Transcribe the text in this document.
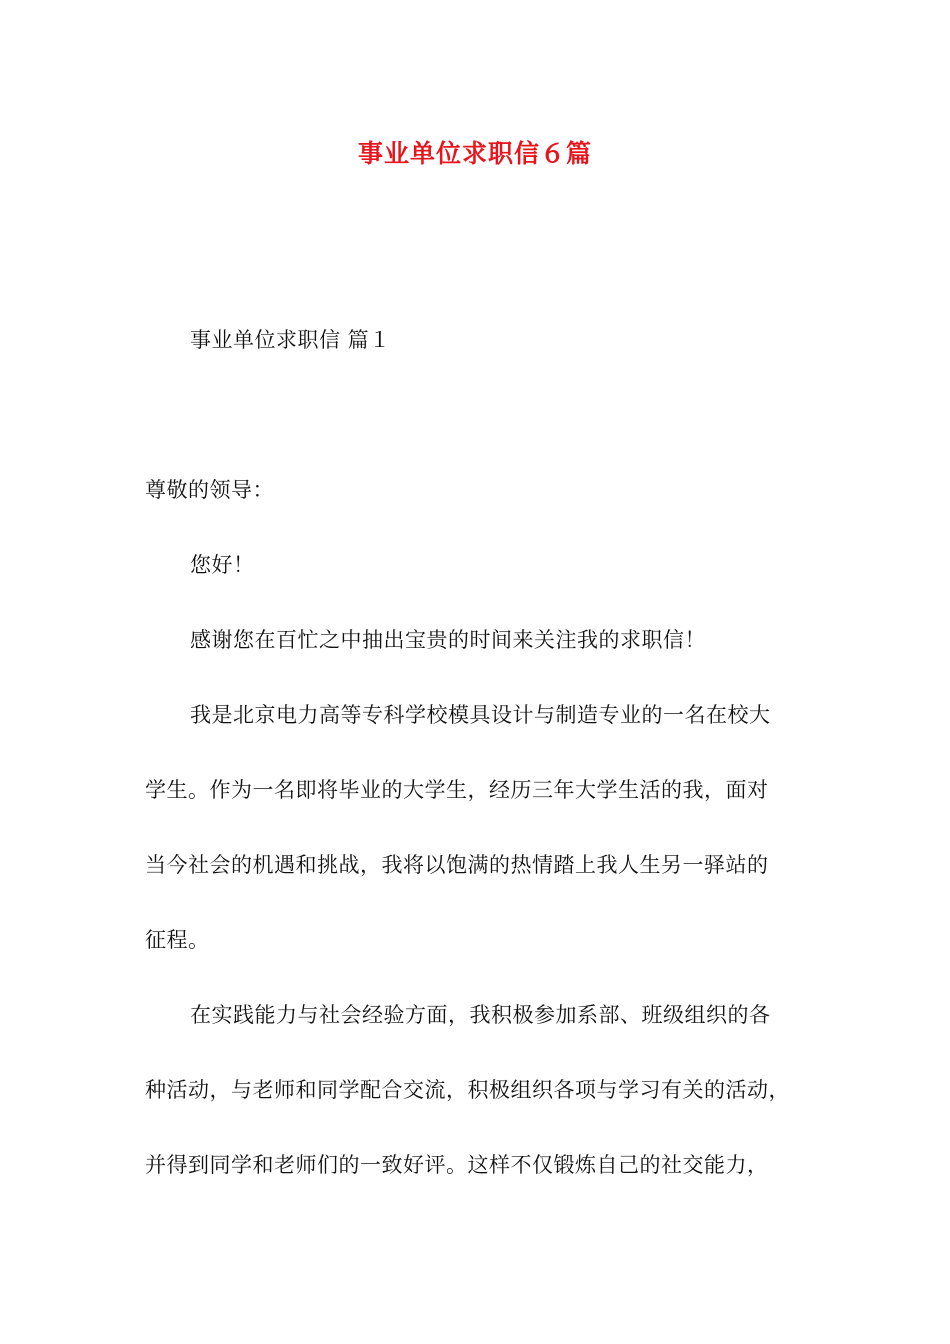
事业单位求职信６篇
事业单位求职信 篇１
尊敬的领导：
您好！
感谢您在百忙之中抽出宝贵的时间来关注我的求职信！
我是北京电力高等专科学校模具设计与制造专业的一名在校大
学生。作为一名即将毕业的大学生，经历三年大学生活的我，面对
当今社会的机遇和挑战，我将以饱满的热情踏上我人生另一驿站的
征程。
在实践能力与社会经验方面，我积极参加系部、班级组织的各
种活动，与老师和同学配合交流，积极组织各项与学习有关的活动，
并得到同学和老师们的一致好评。这样不仅锻炼自己的社交能力，
